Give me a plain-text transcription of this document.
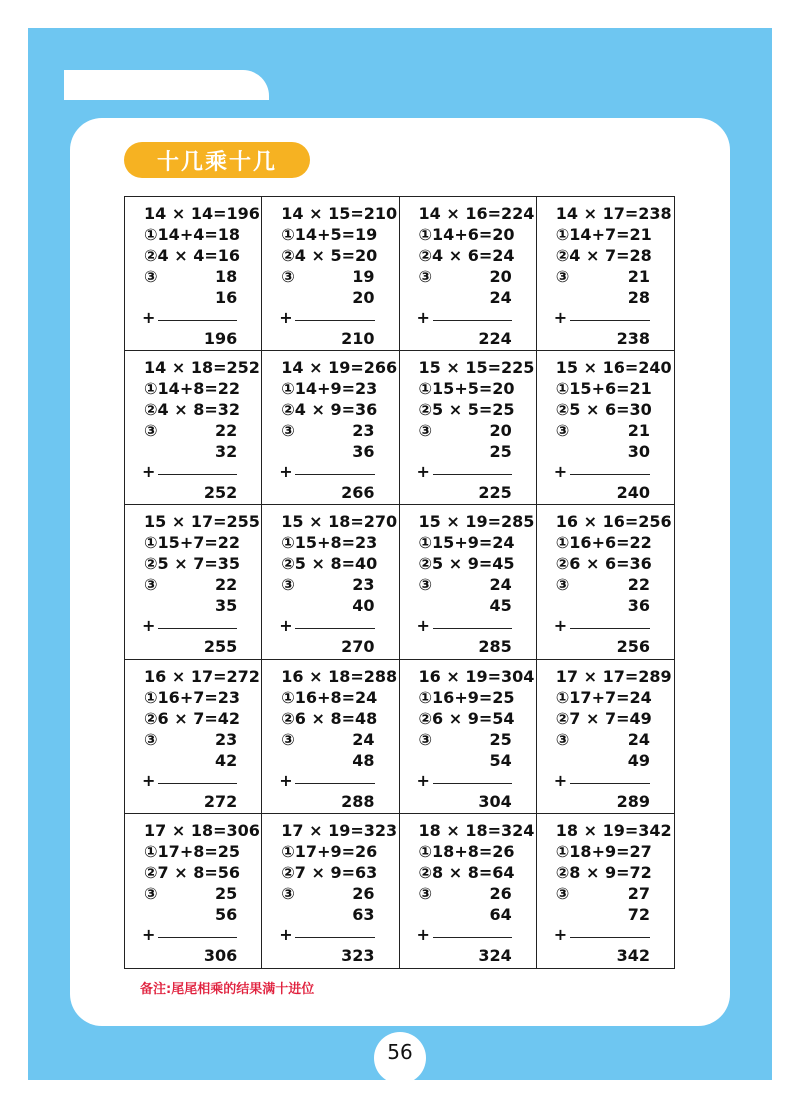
十几乘十几
14 × 14=196
①14+4=18
②4 × 4=16
③	18
16
196
+
14 × 15=210
①14+5=19
②4 × 5=20
③	19
20
210
+
14 × 16=224
①14+6=20
②4 × 6=24
③	20
24
224
+
14 × 17=238
①14+7=21
②4 × 7=28
③	21
28
238
+
14 × 18=252
①14+8=22
②4 × 8=32
③	22
32
252
+
14 × 19=266
①14+9=23
②4 × 9=36
③	23
36
266
+
15 × 15=225
①15+5=20
②5 × 5=25
③	20
25
225
+
15 × 16=240
①15+6=21
②5 × 6=30
③	21
30
240
+
15 × 17=255
①15+7=22
②5 × 7=35
③	22
35
255
+
15 × 18=270
①15+8=23
②5 × 8=40
③	23
40
270
+
15 × 19=285
①15+9=24
②5 × 9=45
③	24
45
285
+
16 × 16=256
①16+6=22
②6 × 6=36
③	22
36
256
+
16 × 17=272
①16+7=23
②6 × 7=42
③	23
42
272
+
16 × 18=288
①16+8=24
②6 × 8=48
③	24
48
288
+
16 × 19=304
①16+9=25
②6 × 9=54
③	25
54
304
+
17 × 17=289
①17+7=24
②7 × 7=49
③	24
49
289
+
17 × 18=306
①17+8=25
②7 × 8=56
③	25
56
306
+
17 × 19=323
①17+9=26
②7 × 9=63
③	26
63
323
+
18 × 18=324
①18+8=26
②8 × 8=64
③	26
64
324
+
18 × 19=342
①18+9=27
②8 × 9=72
③	27
72
342
+
备注:尾尾相乘的结果满十进位
56
